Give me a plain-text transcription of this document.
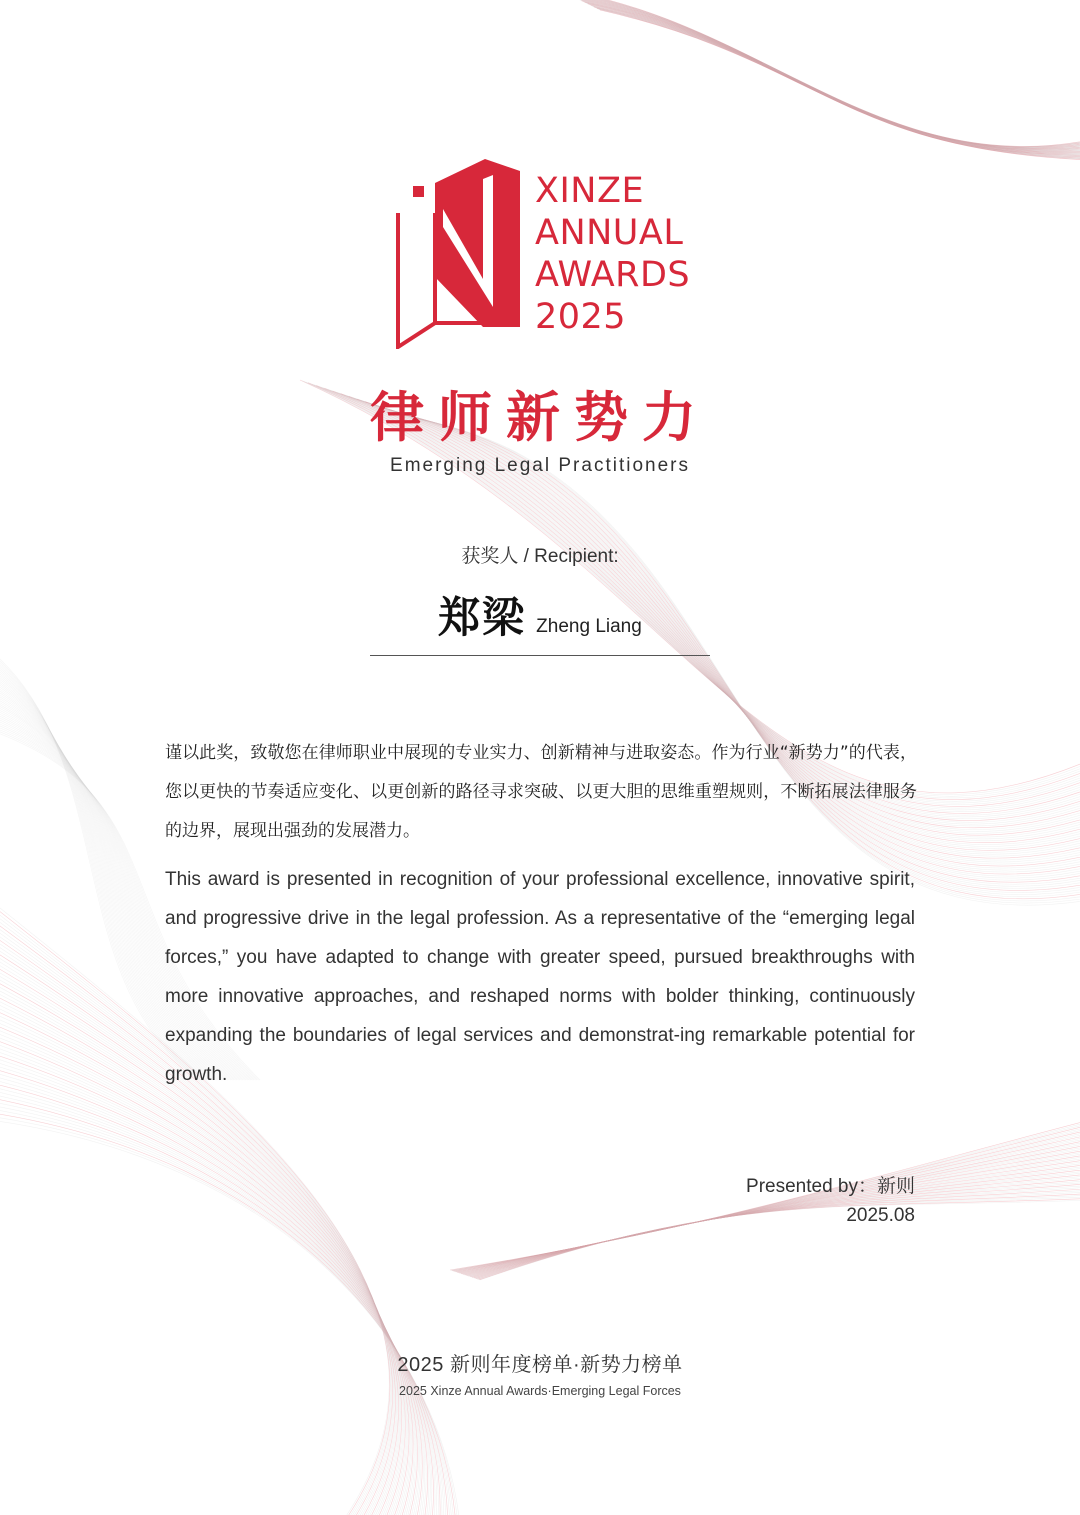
XINZE
ANNUAL
AWARDS
2025
律师新势力
Emerging Legal Practitioners
获奖人 / Recipient:
郑梁 Zheng Liang
谨以此奖，致敬您在律师职业中展现的专业实力、创新精神与进取姿态。作为行业“新势力”的代表，您以更快的节奏适应变化、以更创新的路径寻求突破、以更大胆的思维重塑规则，不断拓展法律服务的边界，展现出强劲的发展潜力。
This award is presented in recognition of your professional excellence, innovative spirit, and progressive drive in the legal profession. As a representative of the “emerging legal forces,” you have adapted to change with greater speed, pursued breakthroughs with more innovative approaches, and reshaped norms with bolder thinking, continuously expanding the boundaries of legal services and demonstrat-ing remarkable potential for growth.
Presented by：新则
2025.08
2025 新则年度榜单·新势力榜单
2025 Xinze Annual Awards·Emerging Legal Forces
